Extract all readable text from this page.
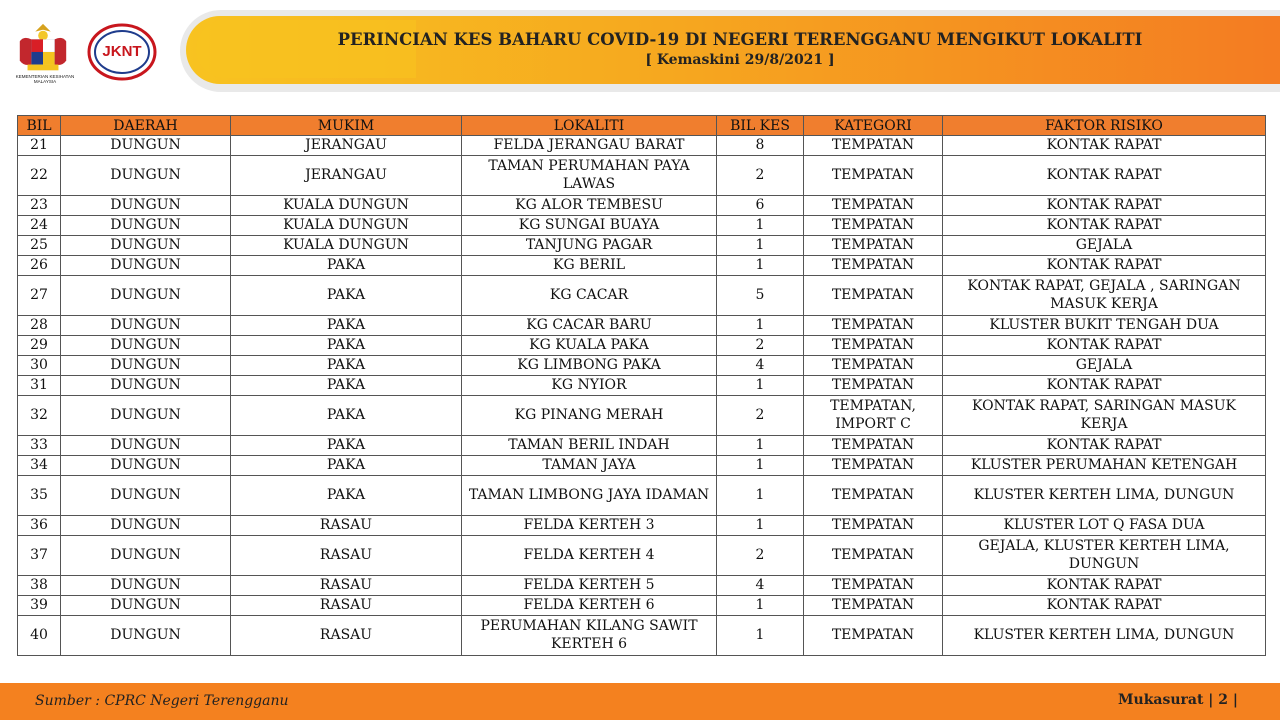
KEMENTERIAN KESIHATAN MALAYSIA
JKNT
PERINCIAN KES BAHARU COVID-19 DI NEGERI TERENGGANU MENGIKUT LOKALITI
[ Kemaskini 29/8/2021 ]
BIL	DAERAH	MUKIM	LOKALITI	BIL KES	KATEGORI	FAKTOR RISIKO
21	DUNGUN	JERANGAU	FELDA JERANGAU BARAT	8	TEMPATAN	KONTAK RAPAT
22	DUNGUN	JERANGAU	TAMAN PERUMAHAN PAYA LAWAS	2	TEMPATAN	KONTAK RAPAT
23	DUNGUN	KUALA DUNGUN	KG ALOR TEMBESU	6	TEMPATAN	KONTAK RAPAT
24	DUNGUN	KUALA DUNGUN	KG SUNGAI BUAYA	1	TEMPATAN	KONTAK RAPAT
25	DUNGUN	KUALA DUNGUN	TANJUNG PAGAR	1	TEMPATAN	GEJALA
26	DUNGUN	PAKA	KG BERIL	1	TEMPATAN	KONTAK RAPAT
27	DUNGUN	PAKA	KG CACAR	5	TEMPATAN	KONTAK RAPAT, GEJALA , SARINGAN MASUK KERJA
28	DUNGUN	PAKA	KG CACAR BARU	1	TEMPATAN	KLUSTER BUKIT TENGAH DUA
29	DUNGUN	PAKA	KG KUALA PAKA	2	TEMPATAN	KONTAK RAPAT
30	DUNGUN	PAKA	KG LIMBONG PAKA	4	TEMPATAN	GEJALA
31	DUNGUN	PAKA	KG NYIOR	1	TEMPATAN	KONTAK RAPAT
32	DUNGUN	PAKA	KG PINANG MERAH	2	TEMPATAN, IMPORT C	KONTAK RAPAT, SARINGAN MASUK KERJA
33	DUNGUN	PAKA	TAMAN BERIL INDAH	1	TEMPATAN	KONTAK RAPAT
34	DUNGUN	PAKA	TAMAN JAYA	1	TEMPATAN	KLUSTER PERUMAHAN KETENGAH
35	DUNGUN	PAKA	TAMAN LIMBONG JAYA IDAMAN	1	TEMPATAN	KLUSTER KERTEH LIMA, DUNGUN
36	DUNGUN	RASAU	FELDA KERTEH 3	1	TEMPATAN	KLUSTER LOT Q FASA DUA
37	DUNGUN	RASAU	FELDA KERTEH 4	2	TEMPATAN	GEJALA, KLUSTER KERTEH LIMA, DUNGUN
38	DUNGUN	RASAU	FELDA KERTEH 5	4	TEMPATAN	KONTAK RAPAT
39	DUNGUN	RASAU	FELDA KERTEH 6	1	TEMPATAN	KONTAK RAPAT
40	DUNGUN	RASAU	PERUMAHAN KILANG SAWIT KERTEH 6	1	TEMPATAN	KLUSTER KERTEH LIMA, DUNGUN
Sumber : CPRC Negeri Terengganu	Mukasurat | 2 |
